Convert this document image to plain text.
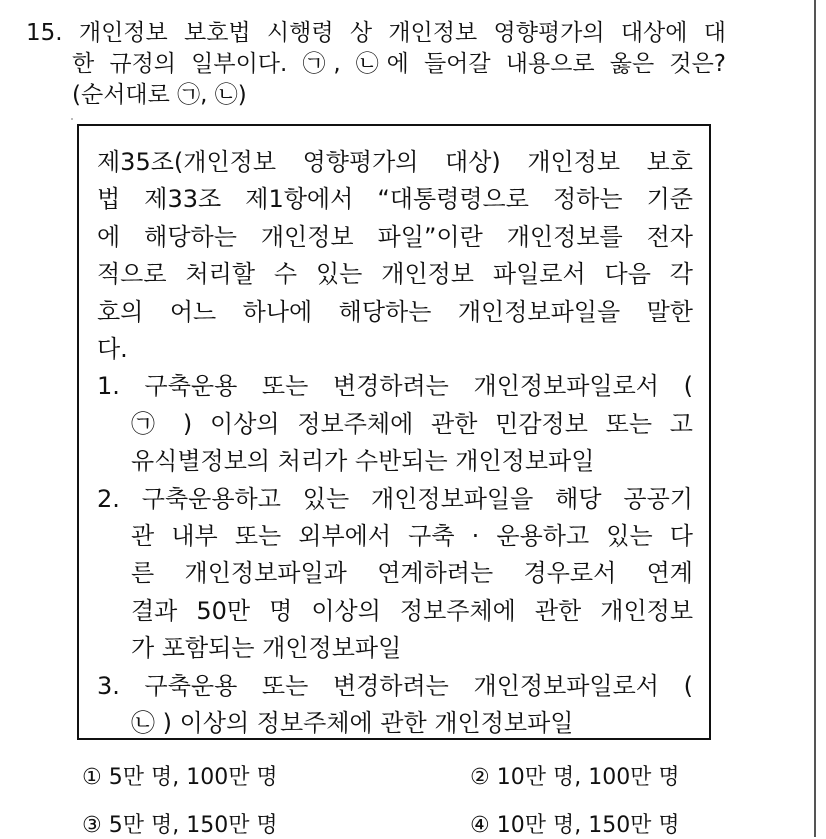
15. 개인정보 보호법 시행령 상 개인정보 영향평가의 대상에 대
한 규정의 일부이다. ㉠, ㉡에 들어갈 내용으로 옳은 것은?
(순서대로 ㉠, ㉡)
제35조(개인정보 영향평가의 대상) 개인정보 보호
법 제33조 제1항에서 “대통령령으로 정하는 기준
에 해당하는 개인정보 파일”이란 개인정보를 전자
적으로 처리할 수 있는 개인정보 파일로서 다음 각
호의 어느 하나에 해당하는 개인정보파일을 말한
다.
1. 구축운용 또는 변경하려는 개인정보파일로서 (
㉠ ) 이상의 정보주체에 관한 민감정보 또는 고
유식별정보의 처리가 수반되는 개인정보파일
2. 구축운용하고 있는 개인정보파일을 해당 공공기
관 내부 또는 외부에서 구축 · 운용하고 있는 다
른 개인정보파일과 연계하려는 경우로서 연계
결과 50만 명 이상의 정보주체에 관한 개인정보
가 포함되는 개인정보파일
3. 구축운용 또는 변경하려는 개인정보파일로서 (
㉡ ) 이상의 정보주체에 관한 개인정보파일
① 5만 명, 100만 명	② 10만 명, 100만 명
③ 5만 명, 150만 명	④ 10만 명, 150만 명
